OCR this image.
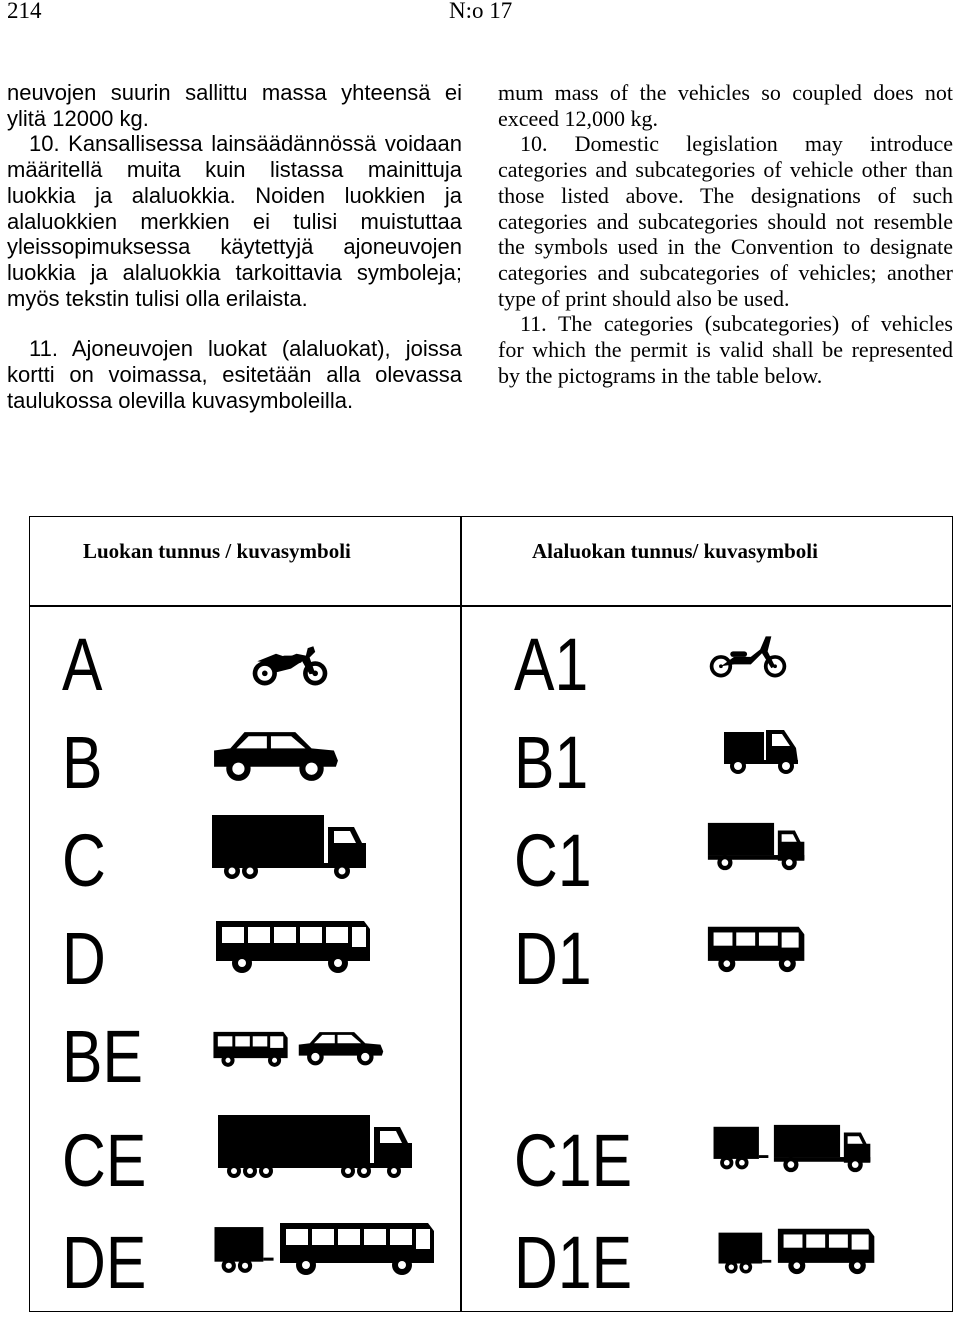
214	N:o 17

neuvojen suurin sallittu massa yhteensä ei ylitä 12000 kg.

10. Kansallisessa lainsäädännössä voidaan määritellä muita kuin listassa mainittuja luokkia ja alaluokkia. Noiden luokkien ja alaluokkien merkkien ei tulisi muistuttaa yleissopimuksessa käytettyjä ajoneuvojen luokkia ja alaluokkia tarkoittavia symboleja; myös tekstin tulisi olla erilaista.

11. Ajoneuvojen luokat (alaluokat), joissa kortti on voimassa, esitetään alla olevassa taulukossa olevilla kuvasymboleilla.

mum mass of the vehicles so coupled does not exceed 12,000 kg.

10. Domestic legislation may introduce categories and subcategories of vehicle other than those listed above. The designations of such categories and subcategories should not resemble the symbols used in the Convention to designate categories and subcategories of vehicles; another type of print should also be used.

11. The categories (subcategories) of vehicles for which the permit is valid shall be represented by the pictograms in the table below.

Luokan tunnus / kuvasymboli	Alaluokan tunnus/ kuvasymboli
A	A1
B	B1
C	C1
D	D1
BE
CE	C1E
DE	D1E
